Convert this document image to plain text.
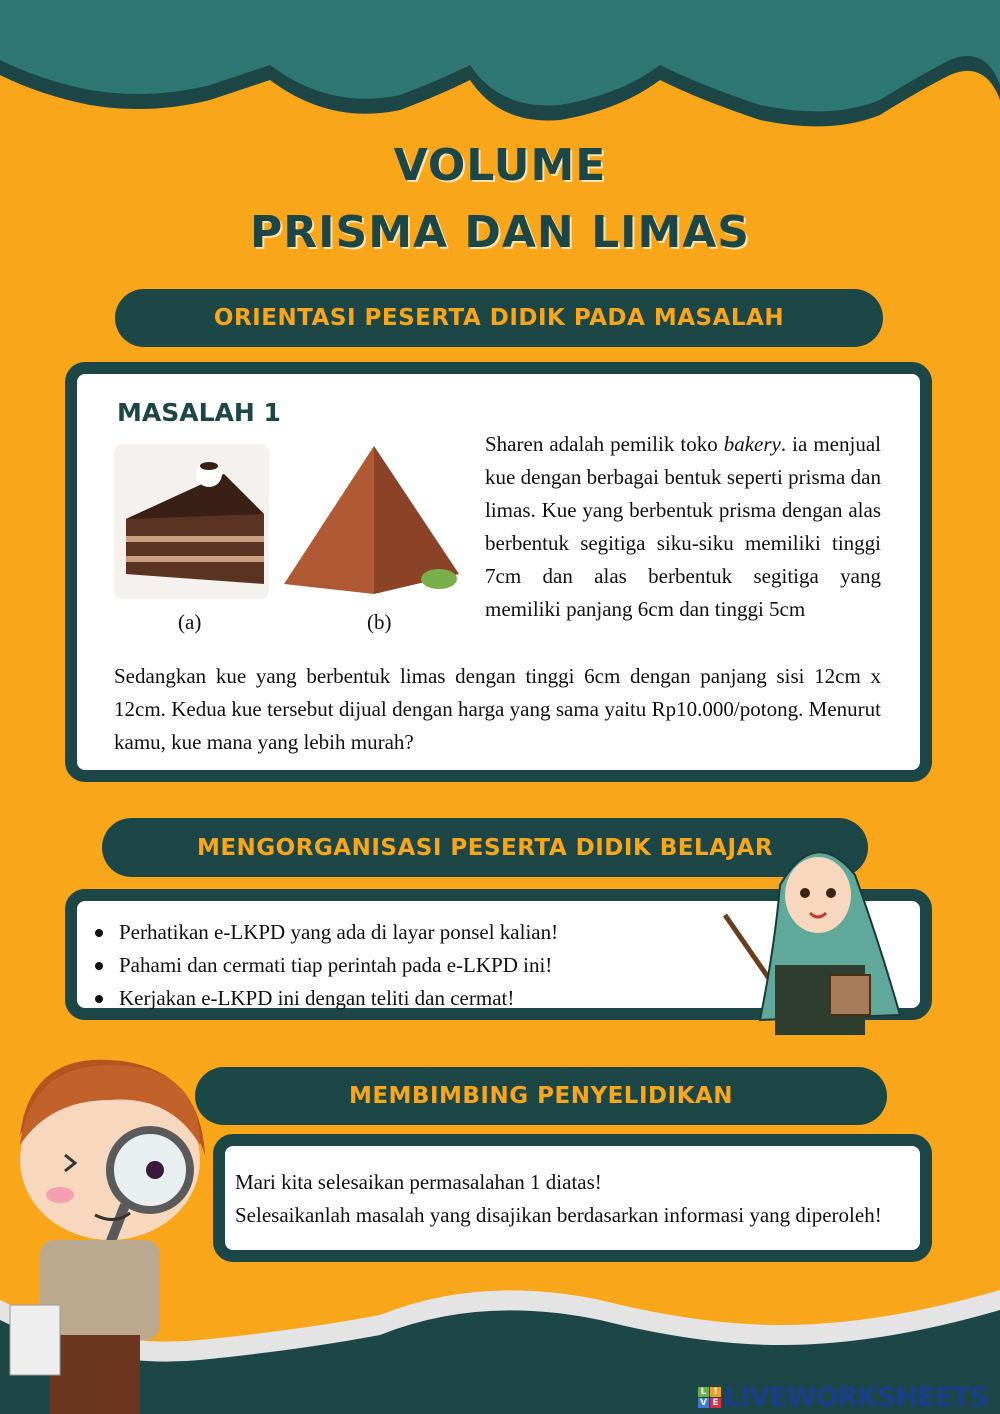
VOLUME
PRISMA DAN LIMAS
ORIENTASI PESERTA DIDIK PADA MASALAH
MASALAH 1
(a)	(b)
Sharen adalah pemilik toko bakery. ia menjual kue dengan berbagai bentuk seperti prisma dan limas. Kue yang berbentuk prisma dengan alas berbentuk segitiga siku-siku memiliki tinggi 7cm dan alas berbentuk segitiga yang memiliki panjang 6cm dan tinggi 5cm
Sedangkan kue yang berbentuk limas dengan tinggi 6cm dengan panjang sisi 12cm x 12cm. Kedua kue tersebut dijual dengan harga yang sama yaitu Rp10.000/potong. Menurut kamu, kue mana yang lebih murah?
MENGORGANISASI PESERTA DIDIK BELAJAR
Perhatikan e-LKPD yang ada di layar ponsel kalian!
Pahami dan cermati tiap perintah pada e-LKPD ini!
Kerjakan e-LKPD ini dengan teliti dan cermat!
MEMBIMBING PENYELIDIKAN
Mari kita selesaikan permasalahan 1 diatas!
Selesaikanlah masalah yang disajikan berdasarkan informasi yang diperoleh!
L I
V E LIVEWORKSHEETS
